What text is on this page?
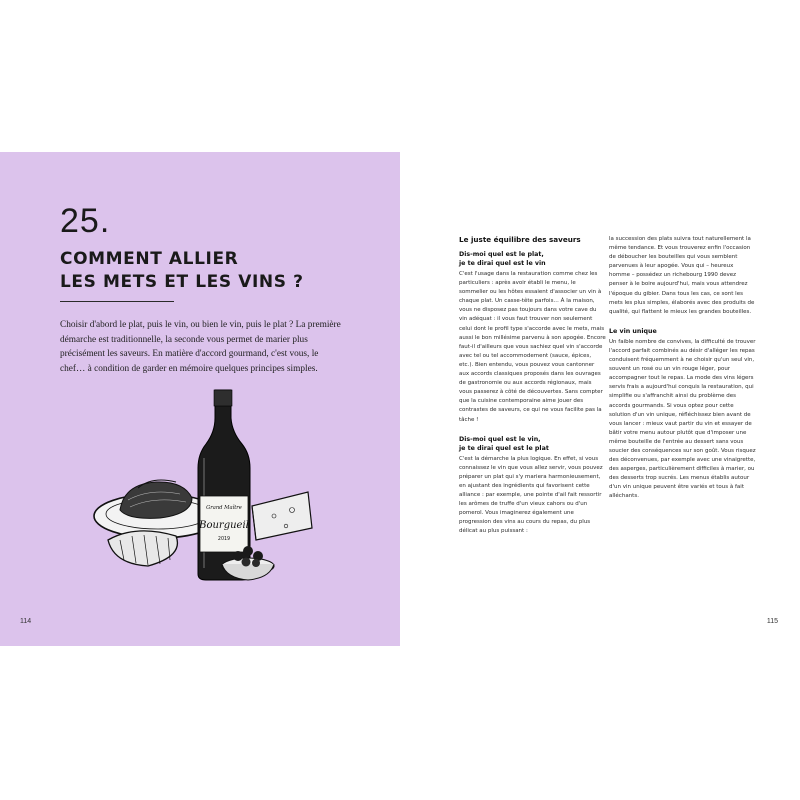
25.
COMMENT ALLIER
LES METS ET LES VINS ?
Choisir d'abord le plat, puis le vin, ou bien le vin, puis le plat ? La première démarche est traditionnelle, la seconde vous permet de marier plus précisément les saveurs. En matière d'accord gourmand, c'est vous, le chef… à condition de garder en mémoire quelques principes simples.
Grand Maître
Bourgueil
2019
114
Le juste équilibre des saveurs
Dis-moi quel est le plat,
je te dirai quel est le vin

C'est l'usage dans la restauration comme chez les particuliers : après avoir établi le menu, le sommelier ou les hôtes essaient d'associer un vin à chaque plat. Un casse-tête parfois… À la maison, vous ne disposez pas toujours dans votre cave du vin adéquat : il vous faut trouver non seulement celui dont le profil type s'accorde avec le mets, mais aussi le bon millésime parvenu à son apogée. Encore faut-il d'ailleurs que vous sachiez quel vin s'accorde avec tel ou tel accommodement (sauce, épices, etc.). Bien entendu, vous pouvez vous cantonner aux accords classiques proposés dans les ouvrages de gastronomie ou aux accords régionaux, mais vous passerez à côté de découvertes. Sans compter que la cuisine contemporaine aime jouer des contrastes de saveurs, ce qui ne vous facilite pas la tâche !

Dis-moi quel est le vin,
je te dirai quel est le plat

C'est la démarche la plus logique. En effet, si vous connaissez le vin que vous allez servir, vous pouvez préparer un plat qui s'y mariera harmonieusement, en ajustant des ingrédients qui favorisent cette alliance : par exemple, une pointe d'ail fait ressortir les arômes de truffe d'un vieux cahors ou d'un pomerol. Vous imaginerez également une progression des vins au cours du repas, du plus délicat au plus puissant :

la succession des plats suivra tout naturellement la même tendance. Et vous trouverez enfin l'occasion de déboucher les bouteilles qui vous semblent parvenues à leur apogée. Vous qui – heureux homme – possédez un richebourg 1990 devez penser à le boire aujourd'hui, mais vous attendrez l'époque du gibier. Dans tous les cas, ce sont les mets les plus simples, élaborés avec des produits de qualité, qui flattent le mieux les grandes bouteilles.

Le vin unique

Un faible nombre de convives, la difficulté de trouver l'accord parfait combinés au désir d'alléger les repas conduisent fréquemment à ne choisir qu'un seul vin, souvent un rosé ou un vin rouge léger, pour accompagner tout le repas. La mode des vins légers servis frais a aujourd'hui conquis la restauration, qui simplifie ou s'affranchit ainsi du problème des accords gourmands. Si vous optez pour cette solution d'un vin unique, réfléchissez bien avant de vous lancer : mieux vaut partir du vin et essayer de bâtir votre menu autour plutôt que d'imposer une même bouteille de l'entrée au dessert sans vous soucier des conséquences sur son goût. Vous risquez des déconvenues, par exemple avec une vinaigrette, des asperges, particulièrement difficiles à marier, ou des desserts trop sucrés. Les menus établis autour d'un vin unique peuvent être variés et tous à fait alléchants.

115
